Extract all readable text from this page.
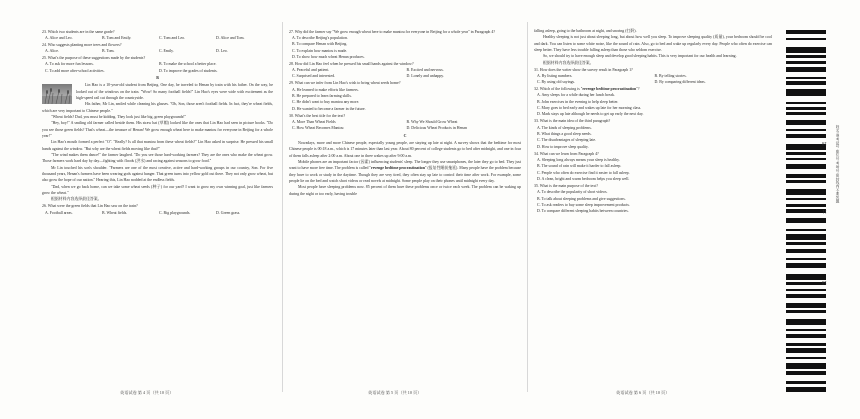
23. Which two students are in the same grade?
A. Alice and Leo.	B. Tom and Emily.	C. Tom and Leo.	D. Alice and Tom.
24. Who suggests planting more trees and flowers?
A. Alice.	B. Tom.	C. Emily.	D. Leo.
25. What's the purpose of these suggestions made by the students?
A. To ask for more fun lessons.	B. To make the school a better place.
C. To add more after-school activities.	D. To improve the grades of students.
B
Lin Hao is a 10-year-old student from Beijing. One day, he traveled to Henan by train with his father. On the way, he looked out of the windows on the train. "Wow! So many football fields!" Lin Hao's eyes were wide with excitement as the high-speed rail cut through the countryside.
His father, Mr Lin, smiled while cleaning his glasses. "Oh, Son, those aren't football fields. In fact, they're wheat fields, which are very important to Chinese people."
"Wheat fields? Dad, you must be kidding. They look just like big, green playgrounds!"
"Hey, boy!" A smiling old farmer called beside them. His straw hat (草帽) looked like the ones that Lin Hao had seen in picture books. "Do you see those green fields? That's wheat—the treasure of Henan! We grow enough wheat here to make mantou for everyone in Beijing for a whole year!"
Lin Hao's mouth formed a perfect "O". "Really? Is all that mantou from these wheat fields?" Lin Hao asked in surprise. He pressed his small hands against the window. "But why are the wheat fields moving like that?"
"The wind makes them dance!" the farmer laughed. "Do you see those hard-working farmers? They are the ones who make the wheat grow. Those farmers work hard day by day—fighting with floods (洪水) and racing against seasons to grow food."
Mr Lin touched his son's shoulder. "Farmers are one of the most creative, active and hard-working groups in our country, Son. For five thousand years, Henan's farmers have been wearing gods against hunger. That green turns into yellow gold out there. They not only grow wheat, but also grow the hope of our nation." Hearing this, Lin Hao nodded at the endless fields.
"Dad, when we go back home, can we take some wheat seeds (种子) for our yard? I want to grow my own winning goal, just like farmers grow the wheat."
根据材料内容选择最佳答案。
26. What were the green fields that Lin Hao saw on the train?
A. Football areas.	B. Wheat fields.	C. Big playgrounds.	D. Green grass.
27. Why did the farmer say "We grow enough wheat here to make mantou for everyone in Beijing for a whole year" in Paragraph 4?
A. To describe Beijing's population.
B. To compare Henan with Beijing.
C. To explain how mantou is made.
D. To show how much wheat Henan produces.
28. How did Lin Hao feel when he pressed his small hands against the window?
A. Peaceful and patient.	B. Excited and nervous.
C. Surprised and interested.	D. Lonely and unhappy.
29. What can we infer from Lin Hao's wish to bring wheat seeds home?
A. He learned to make efforts like farmers.
B. He prepared to learn farming skills.
C. He didn't want to buy mantou any more.
D. He wanted to become a farmer in the future.
30. What's the best title for the text?
A. More Than Wheat Fields	B. Why We Should Grow Wheat
C. How Wheat Becomes Mantou	D. Delicious Wheat Products in Henan
C
Nowadays, more and more Chinese people, especially young people, are staying up late at night. A survey shows that the bedtime for most Chinese people is 00:18 a.m., which is 17 minutes later than last year. About 80 percent of college students go to bed after midnight, and one in four of them falls asleep after 2:00 a.m. About one in three wakes up after 9:00 a.m.
Mobile phones are an important factor (因素) influencing students' sleep. The longer they use smartphones, the later they go to bed. They just want to have more free time. The problem is called "revenge bedtime procrastination" (报复性睡前拖延). Many people have the problem because they have to work or study in the daytime. Though they are very tired, they often stay up late to control their time after work. For example, some people lie on the bed and watch short videos or read novels at midnight. Some people play on their phones until midnight every day.
Most people have sleeping problems now. 85 percent of them have these problems once or twice each week. The problem can be waking up during the night or too early, having trouble
falling asleep, going to the bathroom at night, and snoring (打鼾).
Healthy sleeping is not just about sleeping long, but about how well you sleep. To improve sleeping quality (质量), your bedroom should be cool and dark. You can listen to some white noise, like the sound of rain. Also, go to bed and wake up regularly every day. People who often do exercise can sleep better. They have less trouble falling asleep than those who seldom exercise.
So, we should try to have enough sleep and develop good sleeping habits. This is very important for our health and learning.
根据材料内容选择最佳答案。
31. How does the writer show the survey result in Paragraph 1?
A. By listing numbers.	B. By telling stories.
C. By using old sayings.	D. By comparing different ideas.
32. Which of the following is "revenge bedtime procrastination"?
A. Amy sleeps for a while during her lunch break.
B. John exercises in the evening to help sleep better.
C. Mary goes to bed early and wakes up late for her morning class.
D. Mark stays up late although he needs to get up early the next day.
33. What is the main idea of the third paragraph?
A. The kinds of sleeping problems.
B. What things a good sleep needs.
C. The disadvantages of sleeping late.
D. How to improve sleep quality.
34. What can we learn from Paragraph 4?
A. Sleeping long always means your sleep is healthy.
B. The sound of rain will make it harder to fall asleep.
C. People who often do exercise find it easier to fall asleep.
D. A clean, bright and warm bedroom helps you sleep well.
35. What is the main purpose of the text?
A. To describe the popularity of short videos.
B. To talk about sleeping problems and give suggestions.
C. To ask readers to buy some sleep improvement products.
D. To compare different sleeping habits between countries.
英语试卷 第 4 页（共 10 页）	英语试卷 第 5 页（共 10 页）	英语试卷 第 6 页（共 10 页）
姓名 准考证号 座位号 考场号 密封线内不要答题
18
11
18
